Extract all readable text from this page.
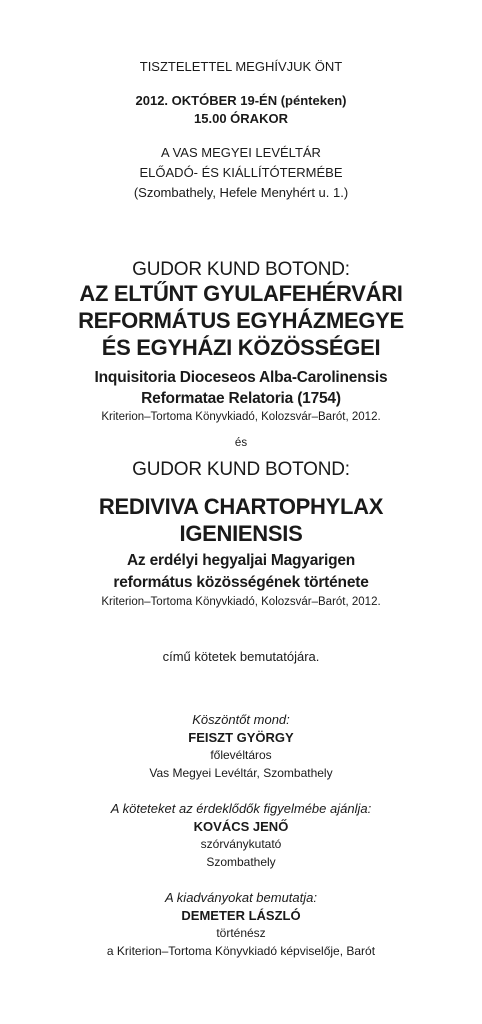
TISZTELETTEL MEGHÍVJUK ÖNT
2012. OKTÓBER 19-ÉN (pénteken)
15.00 ÓRAKOR
A VAS MEGYEI LEVÉLTÁR
ELŐADÓ- ÉS KIÁLLÍTÓTERMÉBE
(Szombathely, Hefele Menyhért u. 1.)
GUDOR KUND BOTOND:
AZ ELTŰNT GYULAFEHÉRVÁRI
REFORMÁTUS EGYHÁZMEGYE
ÉS EGYHÁZI KÖZÖSSÉGEI
Inquisitoria Dioceseos Alba-Carolinensis
Reformatae Relatoria (1754)
Kriterion–Tortoma Könyvkiadó, Kolozsvár–Barót, 2012.
és
GUDOR KUND BOTOND:
REDIVIVA CHARTOPHYLAX
IGENIENSIS
Az erdélyi hegyaljai Magyarigen
református közösségének története
Kriterion–Tortoma Könyvkiadó, Kolozsvár–Barót, 2012.
című kötetek bemutatójára.
Köszöntőt mond:
FEISZT GYÖRGY
főlevéltáros
Vas Megyei Levéltár, Szombathely
A köteteket az érdeklődők figyelmébe ajánlja:
KOVÁCS JENŐ
szórványkutató
Szombathely
A kiadványokat bemutatja:
DEMETER LÁSZLÓ
történész
a Kriterion–Tortoma Könyvkiadó képviselője, Barót
